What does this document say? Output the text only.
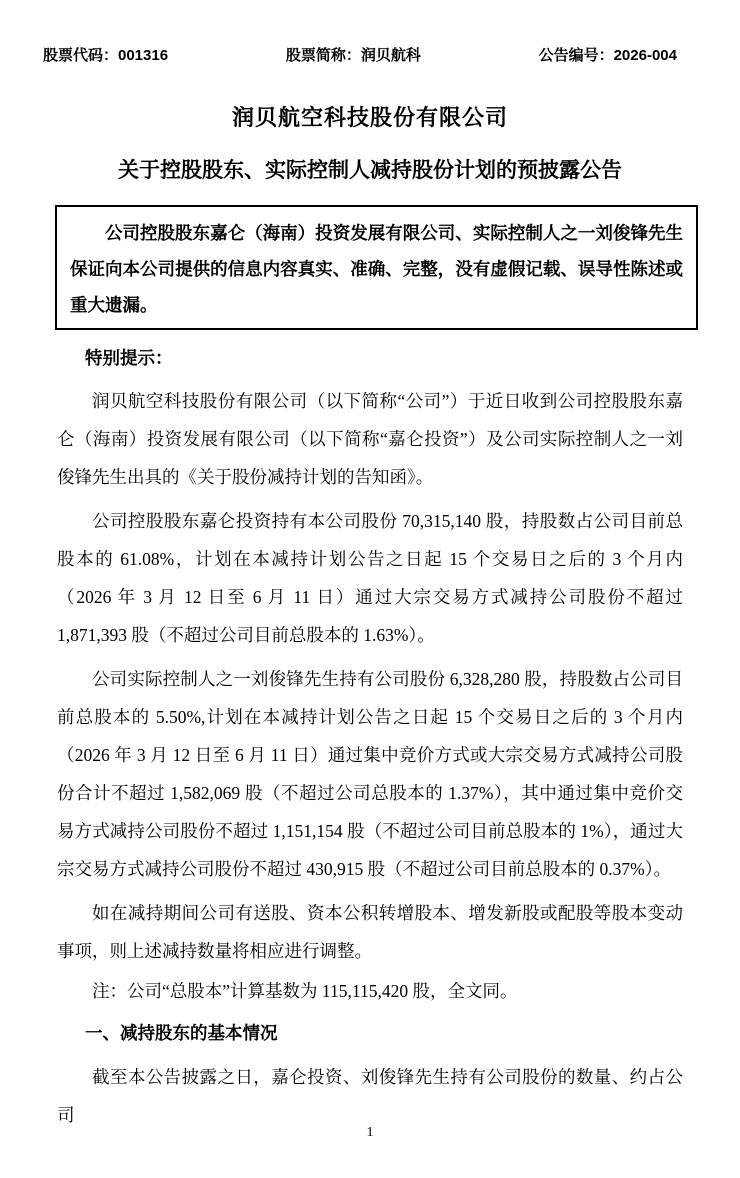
股票代码：001316	股票简称：润贝航科	公告编号：2026-004
润贝航空科技股份有限公司
关于控股股东、实际控制人减持股份计划的预披露公告
公司控股股东嘉仑（海南）投资发展有限公司、实际控制人之一刘俊锋先生保证向本公司提供的信息内容真实、准确、完整，没有虚假记载、误导性陈述或重大遗漏。
特别提示：

润贝航空科技股份有限公司（以下简称“公司”）于近日收到公司控股股东嘉仑（海南）投资发展有限公司（以下简称“嘉仑投资”）及公司实际控制人之一刘俊锋先生出具的《关于股份减持计划的告知函》。

公司控股股东嘉仑投资持有本公司股份 70,315,140 股，持股数占公司目前总股本的 61.08%，计划在本减持计划公告之日起 15 个交易日之后的 3 个月内（2026 年 3 月 12 日至 6 月 11 日）通过大宗交易方式减持公司股份不超过 1,871,393 股（不超过公司目前总股本的 1.63%）。

公司实际控制人之一刘俊锋先生持有公司股份 6,328,280 股，持股数占公司目前总股本的 5.50%,计划在本减持计划公告之日起 15 个交易日之后的 3 个月内（2026 年 3 月 12 日至 6 月 11 日）通过集中竞价方式或大宗交易方式减持公司股份合计不超过 1,582,069 股（不超过公司总股本的 1.37%），其中通过集中竞价交易方式减持公司股份不超过 1,151,154 股（不超过公司目前总股本的 1%），通过大宗交易方式减持公司股份不超过 430,915 股（不超过公司目前总股本的 0.37%）。

如在减持期间公司有送股、资本公积转增股本、增发新股或配股等股本变动事项，则上述减持数量将相应进行调整。

注：公司“总股本”计算基数为 115,115,420 股，全文同。

一、减持股东的基本情况

截至本公告披露之日，嘉仑投资、刘俊锋先生持有公司股份的数量、约占公司

1
